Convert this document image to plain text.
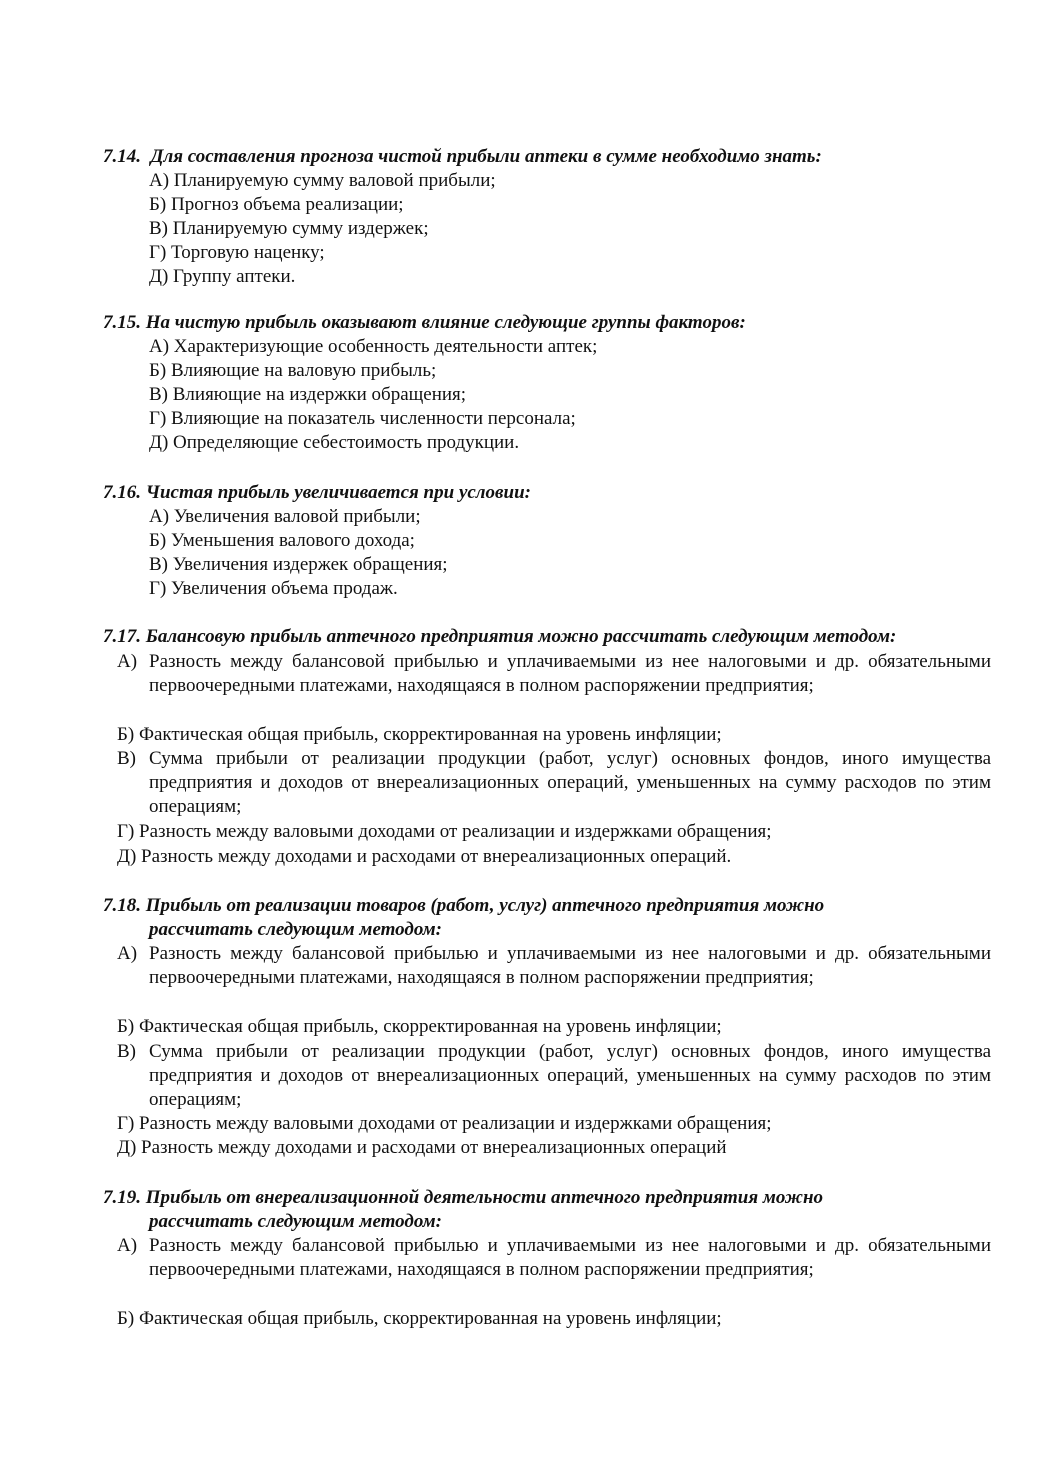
7.14. Для составления прогноза чистой прибыли аптеки в сумме необходимо знать:
А) Планируемую сумму валовой прибыли;
Б) Прогноз объема реализации;
В) Планируемую сумму издержек;
Г) Торговую наценку;
Д) Группу аптеки.
7.15. На чистую прибыль оказывают влияние следующие группы факторов:
А) Характеризующие особенность деятельности аптек;
Б) Влияющие на валовую прибыль;
В) Влияющие на издержки обращения;
Г) Влияющие на показатель численности персонала;
Д) Определяющие себестоимость продукции.
7.16. Чистая прибыль увеличивается при условии:
А) Увеличения валовой прибыли;
Б) Уменьшения валового дохода;
В) Увеличения издержек обращения;
Г) Увеличения объема продаж.
7.17. Балансовую прибыль аптечного предприятия можно рассчитать следующим методом:
А) Разность между балансовой прибылью и уплачиваемыми из нее налоговыми и др. обязательными первоочередными платежами, находящаяся в полном распоряжении предприятия;
Б) Фактическая общая прибыль, скорректированная на уровень инфляции;
В) Сумма прибыли от реализации продукции (работ, услуг) основных фондов, иного имущества предприятия и доходов от внереализационных операций, уменьшенных на сумму расходов по этим операциям;
Г) Разность между валовыми доходами от реализации и издержками обращения;
Д) Разность между доходами и расходами от внереализационных операций.
7.18. Прибыль от реализации товаров (работ, услуг) аптечного предприятия можно
рассчитать следующим методом:
А) Разность между балансовой прибылью и уплачиваемыми из нее налоговыми и др. обязательными первоочередными платежами, находящаяся в полном распоряжении предприятия;
Б) Фактическая общая прибыль, скорректированная на уровень инфляции;
В) Сумма прибыли от реализации продукции (работ, услуг) основных фондов, иного имущества предприятия и доходов от внереализационных операций, уменьшенных на сумму расходов по этим операциям;
Г) Разность между валовыми доходами от реализации и издержками обращения;
Д) Разность между доходами и расходами от внереализационных операций
7.19. Прибыль от внереализационной деятельности аптечного предприятия можно
рассчитать следующим методом:
А) Разность между балансовой прибылью и уплачиваемыми из нее налоговыми и др. обязательными первоочередными платежами, находящаяся в полном распоряжении предприятия;
Б) Фактическая общая прибыль, скорректированная на уровень инфляции;
